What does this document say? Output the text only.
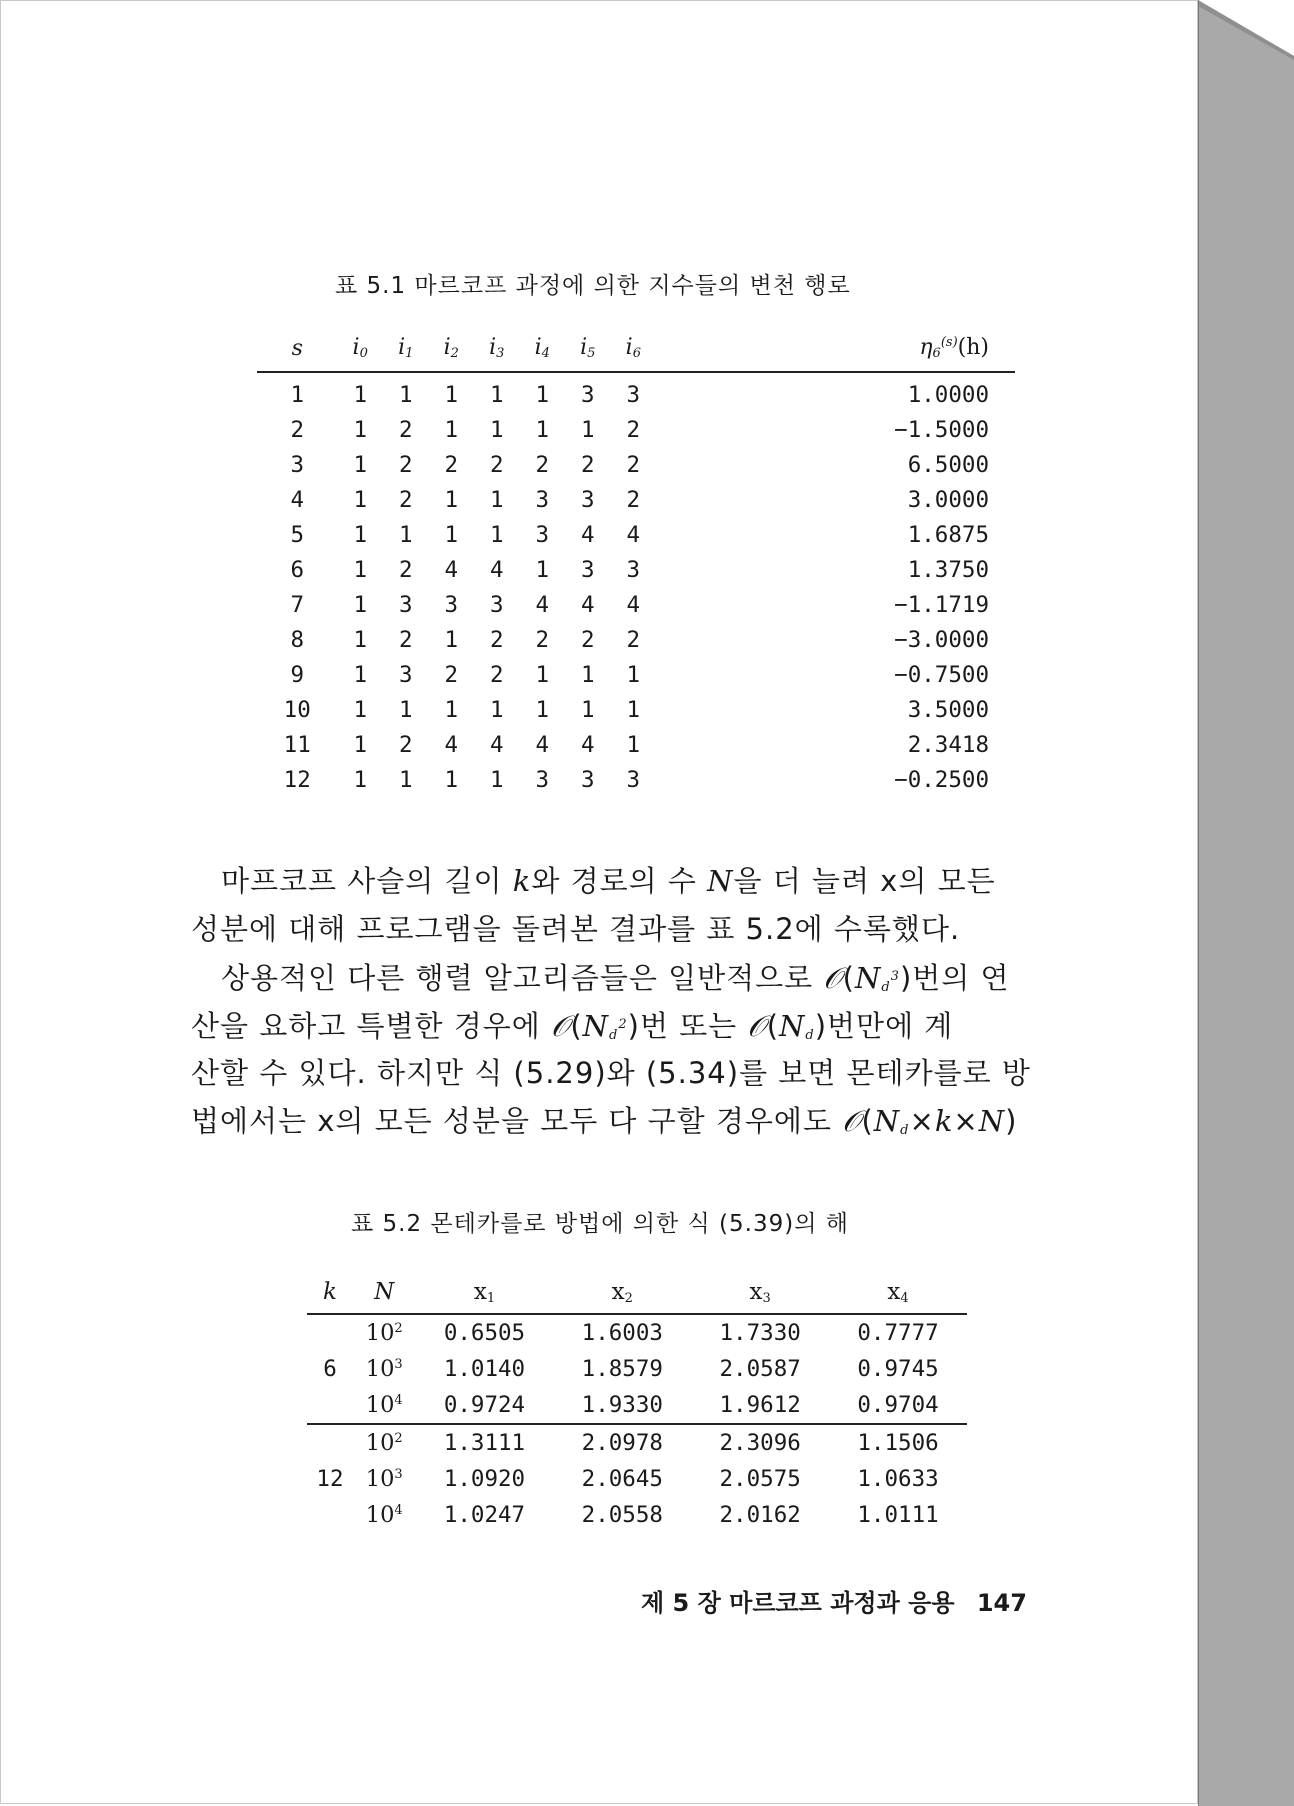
표 5.1 마르코프 과정에 의한 지수들의 변천 행로
s	$i_0$	$i_1$	$i_2$	$i_3$	$i_4$	$i_5$	$i_6$	$\eta_6^{(s)}(h)$
1	1	1	1	1	1	3	3	1.0000
2	1	2	1	1	1	1	2	−1.5000
3	1	2	2	2	2	2	2	6.5000
4	1	2	1	1	3	3	2	3.0000
5	1	1	1	1	3	4	4	1.6875
6	1	2	4	4	1	3	3	1.3750
7	1	3	3	3	4	4	4	−1.1719
8	1	2	1	2	2	2	2	−3.0000
9	1	3	2	2	1	1	1	−0.7500
10	1	1	1	1	1	1	1	3.5000
11	1	2	4	4	4	4	1	2.3418
12	1	1	1	1	3	3	3	−0.2500
마프코프 사슬의 길이 k와 경로의 수 N을 더 늘려 x의 모든
성분에 대해 프로그램을 돌려본 결과를 표 5.2에 수록했다.
상용적인 다른 행렬 알고리즘들은 일반적으로 $𝒪(N_d^3)$번의 연
산을 요하고 특별한 경우에 $𝒪(N_d^2)$번 또는 $𝒪(N_d)$번만에 계
산할 수 있다. 하지만 식 (5.29)와 (5.34)를 보면 몬테카를로 방
법에서는 x의 모든 성분을 모두 다 구할 경우에도 $𝒪(N_d\times k\times N)$
표 5.2 몬테카를로 방법에 의한 식 (5.39)의 해
k	N	$x_1$	$x_2$	$x_3$	$x_4$
	$10^2$	0.6505	1.6003	1.7330	0.7777
6	$10^3$	1.0140	1.8579	2.0587	0.9745
	$10^4$	0.9724	1.9330	1.9612	0.9704
	$10^2$	1.3111	2.0978	2.3096	1.1506
12	$10^3$	1.0920	2.0645	2.0575	1.0633
	$10^4$	1.0247	2.0558	2.0162	1.0111
제 5 장 마르코프 과정과 응용 147
